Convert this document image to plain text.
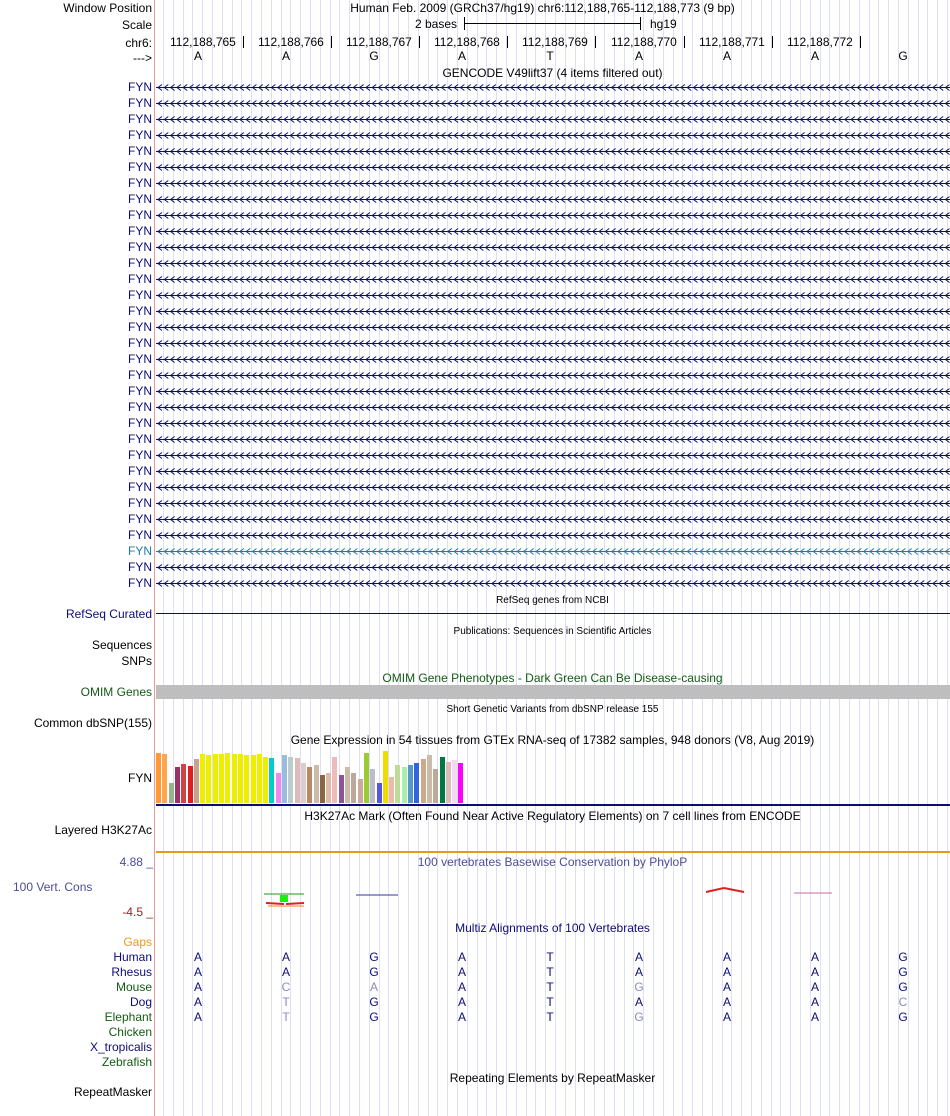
Window Position	Human Feb. 2009 (GRCh37/hg19) chr6:112,188,765-112,188,773 (9 bp)
Scale	2 bases	hg19
chr6: 112,188,765 112,188,766 112,188,767 112,188,768 112,188,769 112,188,770 112,188,771 112,188,772
--->	A	A	G	A	T	A	A	A	G
GENCODE V49lift37 (4 items filtered out)
FYN
FYN
FYN
FYN
FYN
FYN
FYN
FYN
FYN
FYN
FYN
FYN
FYN
FYN
FYN
FYN
FYN
FYN
FYN
FYN
FYN
FYN
FYN
FYN
FYN
FYN
FYN
FYN
FYN
FYN
FYN
FYN
RefSeq genes from NCBI
RefSeq Curated
Publications: Sequences in Scientific Articles
Sequences
SNPs
OMIM Gene Phenotypes - Dark Green Can Be Disease-causing
OMIM Genes
Short Genetic Variants from dbSNP release 155
Common dbSNP(155)
Gene Expression in 54 tissues from GTEx RNA-seq of 17382 samples, 948 donors (V8, Aug 2019)
FYN
H3K27Ac Mark (Often Found Near Active Regulatory Elements) on 7 cell lines from ENCODE
Layered H3K27Ac
100 vertebrates Basewise Conservation by PhyloP
4.88 _
100 Vert. Cons
-4.5 _
Multiz Alignments of 100 Vertebrates
Gaps
Human	A	A	G	A	T	A	A	A	G
Rhesus	A	A	G	A	T	A	A	A	G
Mouse	A	C	A	A	T	G	A	A	G
Dog	A	T	G	A	T	A	A	A	C
Elephant	A	T	G	A	T	G	A	A	G
Chicken
X_tropicalis
Zebrafish
Repeating Elements by RepeatMasker
RepeatMasker
